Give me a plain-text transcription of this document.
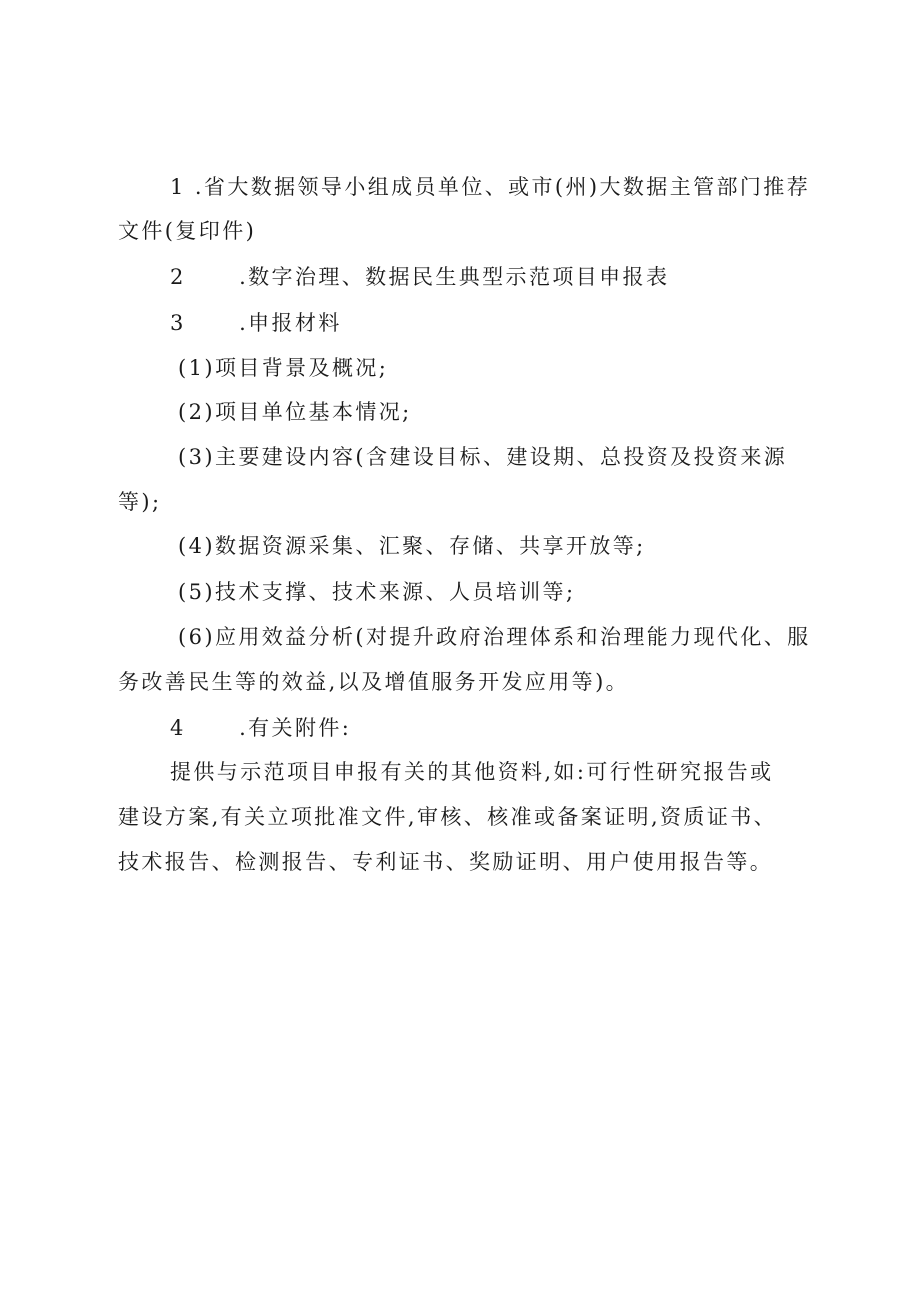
1 .省大数据领导小组成员单位、或市(州)大数据主管部门推荐
文件(复印件)
2	.数字治理、数据民生典型示范项目申报表
3	.申报材料
(1)项目背景及概况;
(2)项目单位基本情况;
(3)主要建设内容(含建设目标、建设期、总投资及投资来源
等);
(4)数据资源采集、汇聚、存储、共享开放等;
(5)技术支撑、技术来源、人员培训等;
(6)应用效益分析(对提升政府治理体系和治理能力现代化、服
务改善民生等的效益,以及增值服务开发应用等)。
4	.有关附件:
提供与示范项目申报有关的其他资料,如:可行性研究报告或
建设方案,有关立项批准文件,审核、核准或备案证明,资质证书、
技术报告、检测报告、专利证书、奖励证明、用户使用报告等。
